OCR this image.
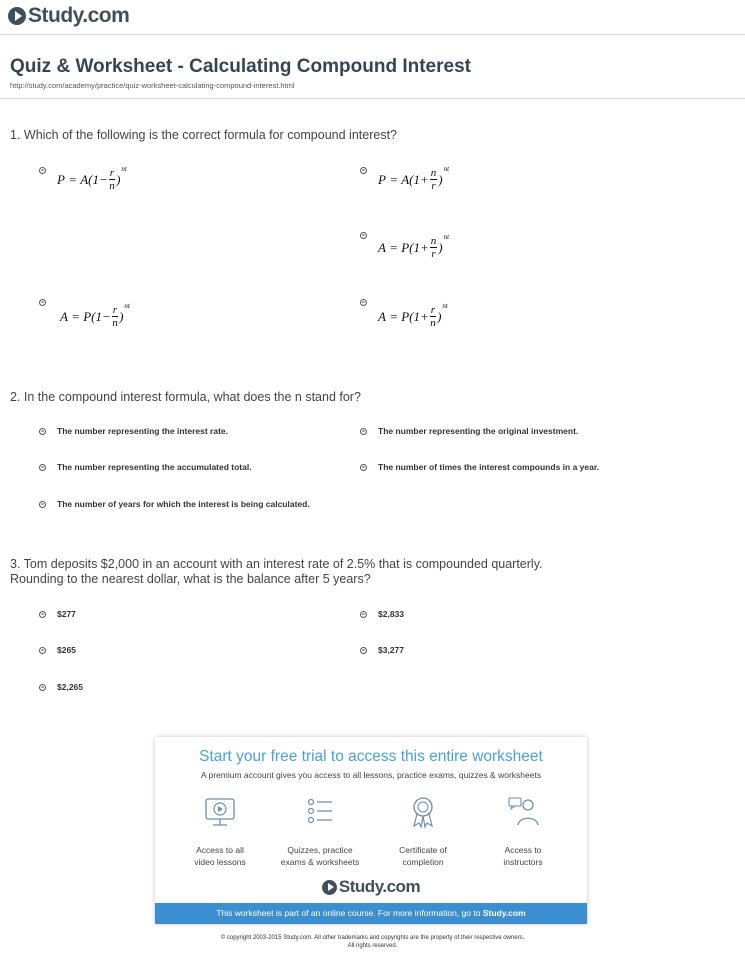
Study.com
Quiz & Worksheet - Calculating Compound Interest
http://study.com/academy/practice/quiz-worksheet-calculating-compound-interest.html
1. Which of the following is the correct formula for compound interest?
$P = A(1 - \frac{r}{n}$ )
$^{nt}$
$P = A(1 + \frac{n}{r}$ )
$^{nt}$
$A = P(1 + \frac{n}{r}$ )
$^{nt}$
$A = P(1 - \frac{r}{n}$ )
$^{nt}$
$A = P(1 + \frac{r}{n}$ )
$^{nt}$
2. In the compound interest formula, what does the n stand for?
The number representing the interest rate.	The number representing the original investment.
The number representing the accumulated total.	The number of times the interest compounds in a year.
The number of years for which the interest is being calculated.
3. Tom deposits $2,000 in an account with an interest rate of 2.5% that is compounded quarterly.
Rounding to the nearest dollar, what is the balance after 5 years?
$277	$2,833
$265	$3,277
$2,265
Start your free trial to access this entire worksheet
A premium account gives you access to all lessons, practice exams, quizzes & worksheets
Access to all
video lessons
Quizzes, practice
exams & worksheets
Certificate of
completion
Access to
instructors
Study.com
This worksheet is part of an online course. For more information, go to Study.com
© copyright 2003-2015 Study.com. All other trademarks and copyrights are the property of their respective owners.
All rights reserved.
